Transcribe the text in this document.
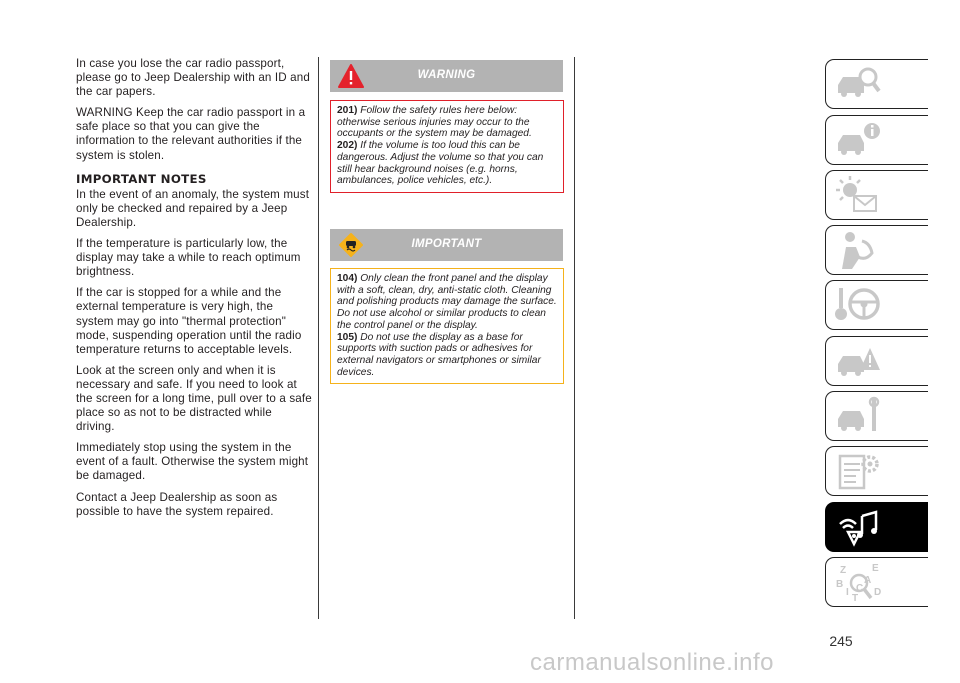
In case you lose the car radio passport, please go to Jeep Dealership with an ID and the car papers.

WARNING Keep the car radio passport in a safe place so that you can give the information to the relevant authorities if the system is stolen.

IMPORTANT NOTES

In the event of an anomaly, the system must only be checked and repaired by a Jeep Dealership.

If the temperature is particularly low, the display may take a while to reach optimum brightness.

If the car is stopped for a while and the external temperature is very high, the system may go into "thermal protection" mode, suspending operation until the radio temperature returns to acceptable levels.

Look at the screen only and when it is necessary and safe. If you need to look at the screen for a long time, pull over to a safe place so as not to be distracted while driving.

Immediately stop using the system in the event of a fault. Otherwise the system might be damaged.

Contact a Jeep Dealership as soon as possible to have the system repaired.

WARNING

201) Follow the safety rules here below: otherwise serious injuries may occur to the occupants or the system may be damaged.

202) If the volume is too loud this can be dangerous. Adjust the volume so that you can still hear background noises (e.g. horns, ambulances, police vehicles, etc.).

IMPORTANT

104) Only clean the front panel and the display with a soft, clean, dry, anti-static cloth. Cleaning and polishing products may damage the surface. Do not use alcohol or similar products to clean the control panel or the display.

105) Do not use the display as a base for supports with suction pads or adhesives for external navigators or smartphones or similar devices.

Z	E
B A
D
T
I C
245
carmanualsonline.info
